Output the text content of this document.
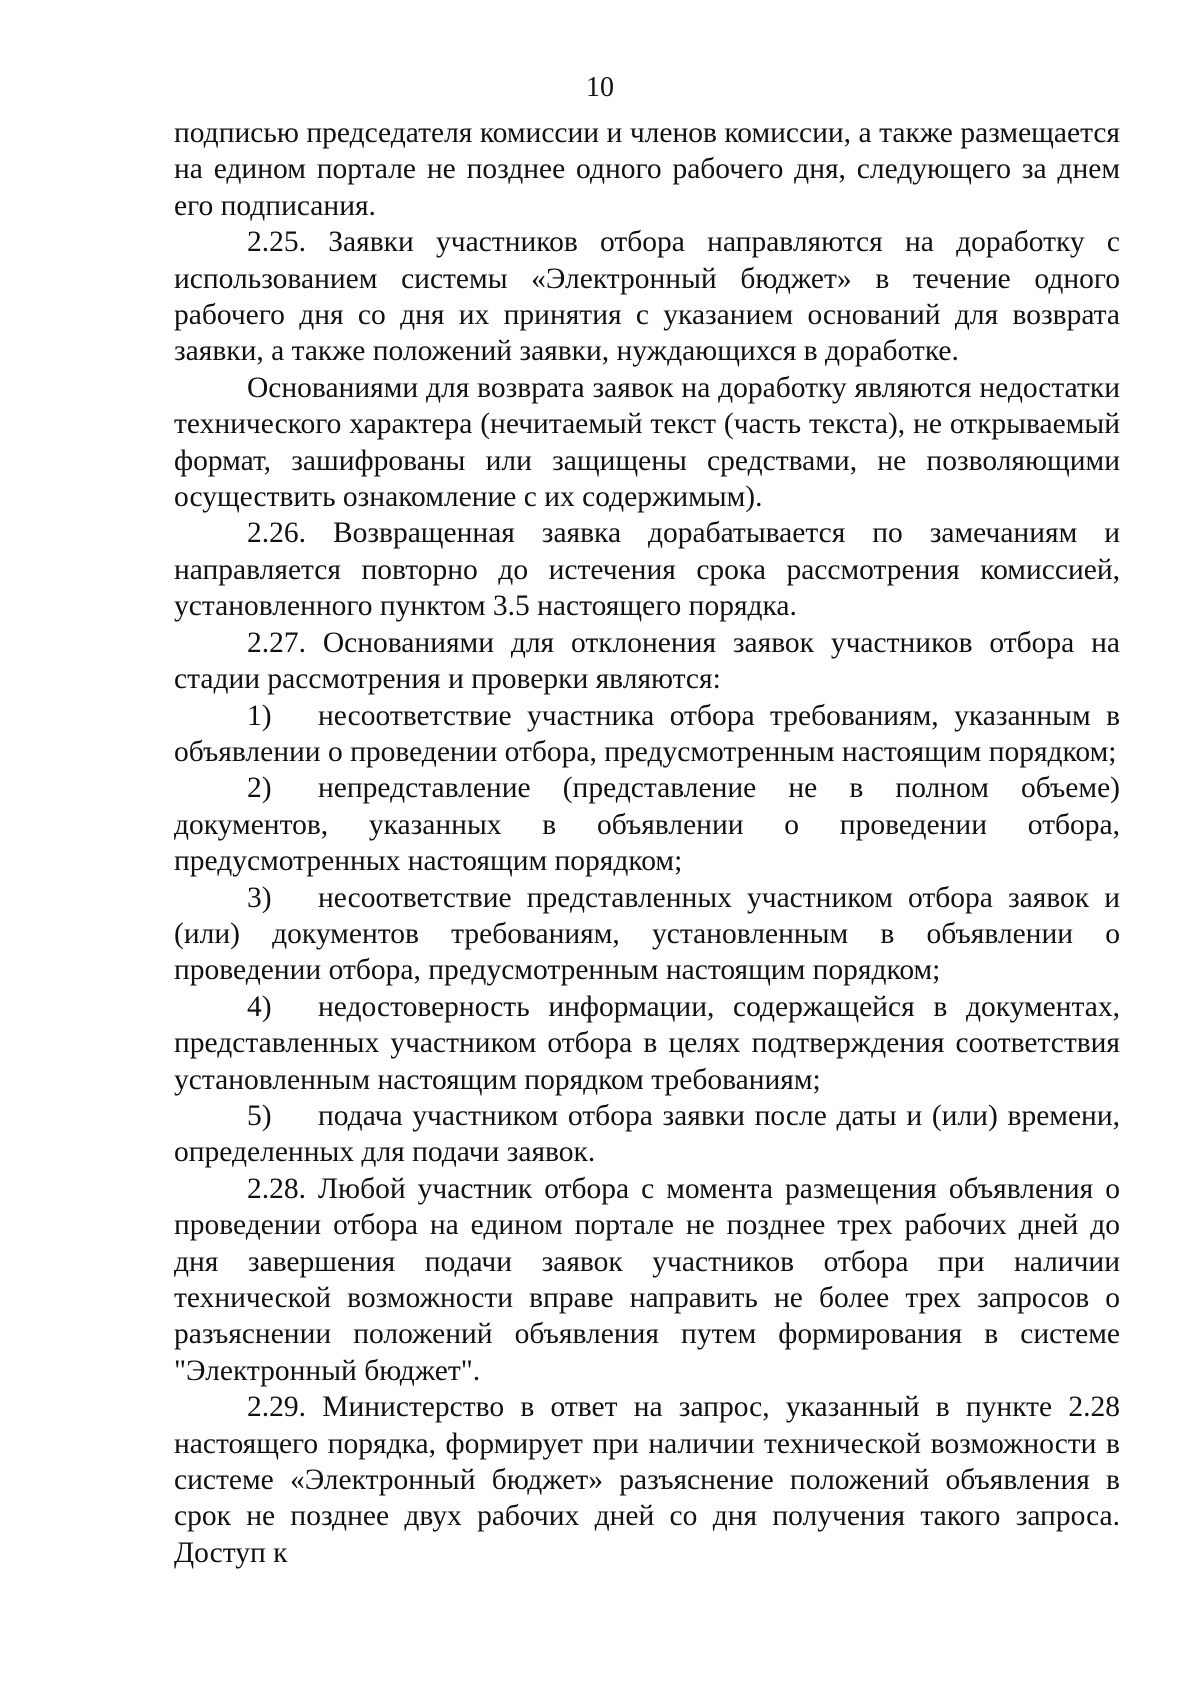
10

подписью председателя комиссии и членов комиссии, а также размещается на едином портале не позднее одного рабочего дня, следующего за днем его подписания.

2.25. Заявки участников отбора направляются на доработку с использованием системы «Электронный бюджет» в течение одного рабочего дня со дня их принятия с указанием оснований для возврата заявки, а также положений заявки, нуждающихся в доработке.

Основаниями для возврата заявок на доработку являются недостатки технического характера (нечитаемый текст (часть текста), не открываемый формат, зашифрованы или защищены средствами, не позволяющими осуществить ознакомление с их содержимым).

2.26. Возвращенная заявка дорабатывается по замечаниям и направляется повторно до истечения срока рассмотрения комиссией, установленного пунктом 3.5 настоящего порядка.

2.27. Основаниями для отклонения заявок участников отбора на стадии рассмотрения и проверки являются:

1) несоответствие участника отбора требованиям, указанным в объявлении о проведении отбора, предусмотренным настоящим порядком;

2) непредставление (представление не в полном объеме) документов, указанных в объявлении о проведении отбора, предусмотренных настоящим порядком;

3) несоответствие представленных участником отбора заявок и (или) документов требованиям, установленным в объявлении о проведении отбора, предусмотренным настоящим порядком;

4) недостоверность информации, содержащейся в документах, представленных участником отбора в целях подтверждения соответствия установленным настоящим порядком требованиям;

5) подача участником отбора заявки после даты и (или) времени, определенных для подачи заявок.

2.28. Любой участник отбора с момента размещения объявления о проведении отбора на едином портале не позднее трех рабочих дней до дня завершения подачи заявок участников отбора при наличии технической возможности вправе направить не более трех запросов о разъяснении положений объявления путем формирования в системе "Электронный бюджет".

2.29. Министерство в ответ на запрос, указанный в пункте 2.28 настоящего порядка, формирует при наличии технической возможности в системе «Электронный бюджет» разъяснение положений объявления в срок не позднее двух рабочих дней со дня получения такого запроса. Доступ к
